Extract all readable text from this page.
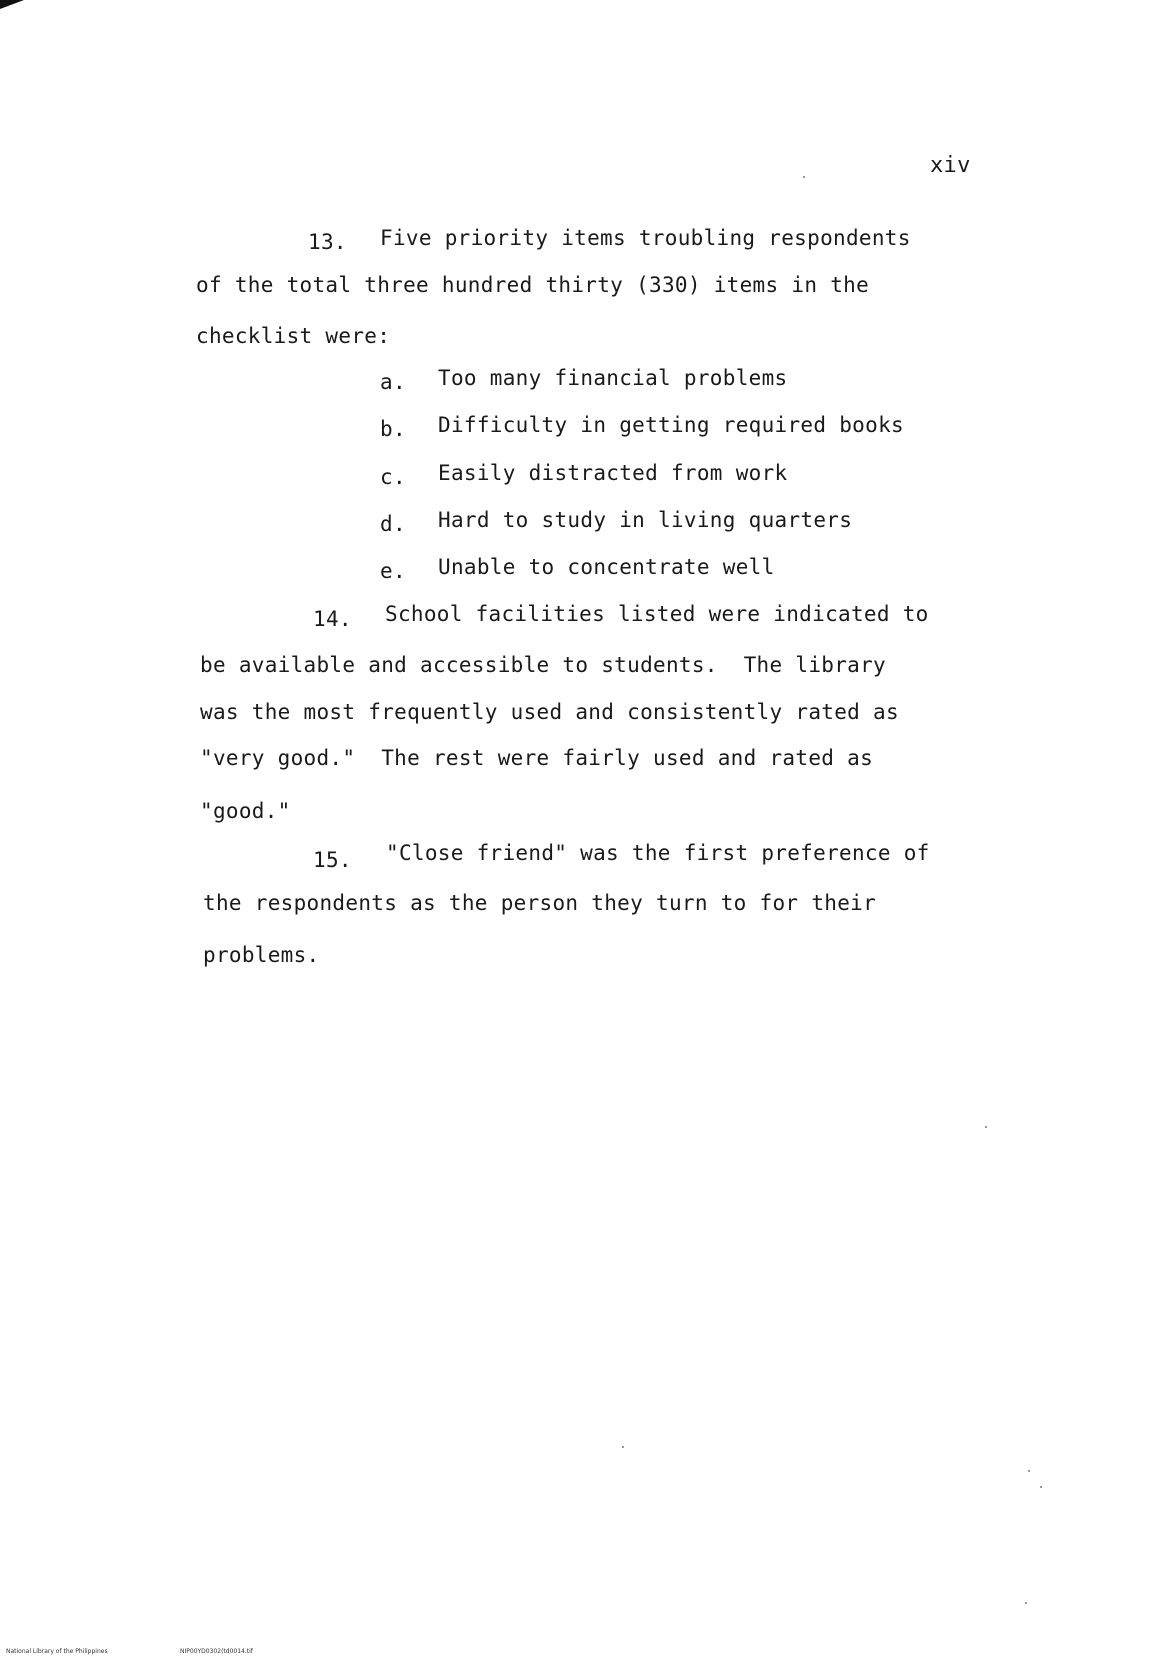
xiv
13. Five priority items troubling respondents
of the total three hundred thirty (330) items in the
checklist were:
a. Too many financial problems
b. Difficulty in getting required books
c. Easily distracted from work
d. Hard to study in living quarters
e. Unable to concentrate well
14. School facilities listed were indicated to
be available and accessible to students.  The library
was the most frequently used and consistently rated as
"very good."  The rest were fairly used and rated as
"good."
15. "Close friend" was the first preference of
the respondents as the person they turn to for their
problems.
National Library of the Philippines	NIP00YD0302(td0014.tif
